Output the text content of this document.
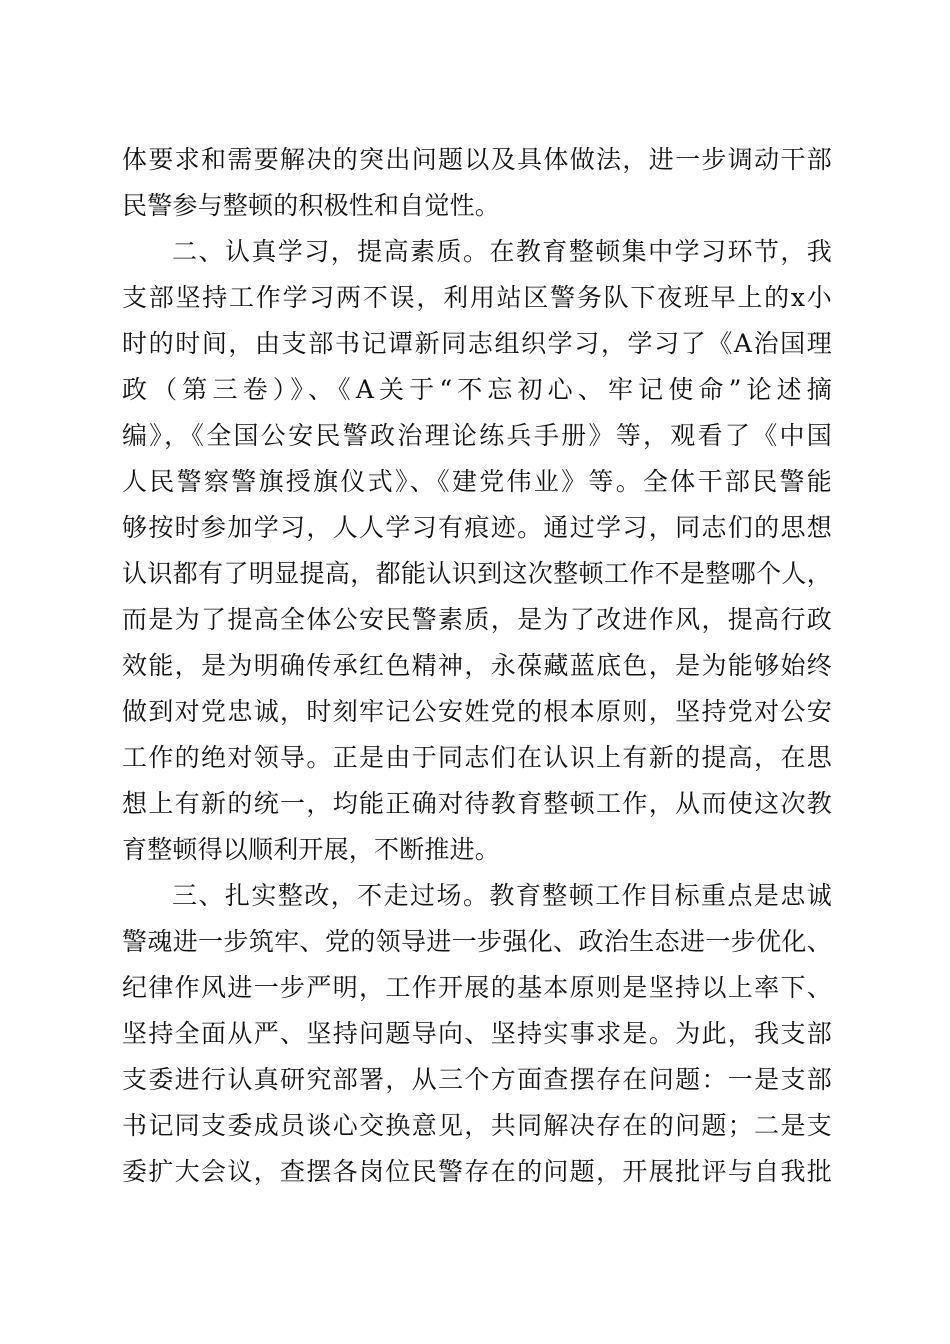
体要求和需要解决的突出问题以及具体做法，进一步调动干部
民警参与整顿的积极性和自觉性。
二、认真学习，提高素质。在教育整顿集中学习环节，我
支部坚持工作学习两不误，利用站区警务队下夜班早上的x小
时的时间，由支部书记谭新同志组织学习，学习了《A治国理
政（第三卷）》、《A关于“不忘初心、牢记使命”论述摘
编》，《全国公安民警政治理论练兵手册》等，观看了《中国
人民警察警旗授旗仪式》、《建党伟业》等。全体干部民警能
够按时参加学习，人人学习有痕迹。通过学习，同志们的思想
认识都有了明显提高，都能认识到这次整顿工作不是整哪个人，
而是为了提高全体公安民警素质，是为了改进作风，提高行政
效能，是为明确传承红色精神，永葆藏蓝底色，是为能够始终
做到对党忠诚，时刻牢记公安姓党的根本原则，坚持党对公安
工作的绝对领导。正是由于同志们在认识上有新的提高，在思
想上有新的统一，均能正确对待教育整顿工作，从而使这次教
育整顿得以顺利开展，不断推进。
三、扎实整改，不走过场。教育整顿工作目标重点是忠诚
警魂进一步筑牢、党的领导进一步强化、政治生态进一步优化、
纪律作风进一步严明，工作开展的基本原则是坚持以上率下、
坚持全面从严、坚持问题导向、坚持实事求是。为此，我支部
支委进行认真研究部署，从三个方面查摆存在问题：一是支部
书记同支委成员谈心交换意见，共同解决存在的问题；二是支
委扩大会议，查摆各岗位民警存在的问题，开展批评与自我批
